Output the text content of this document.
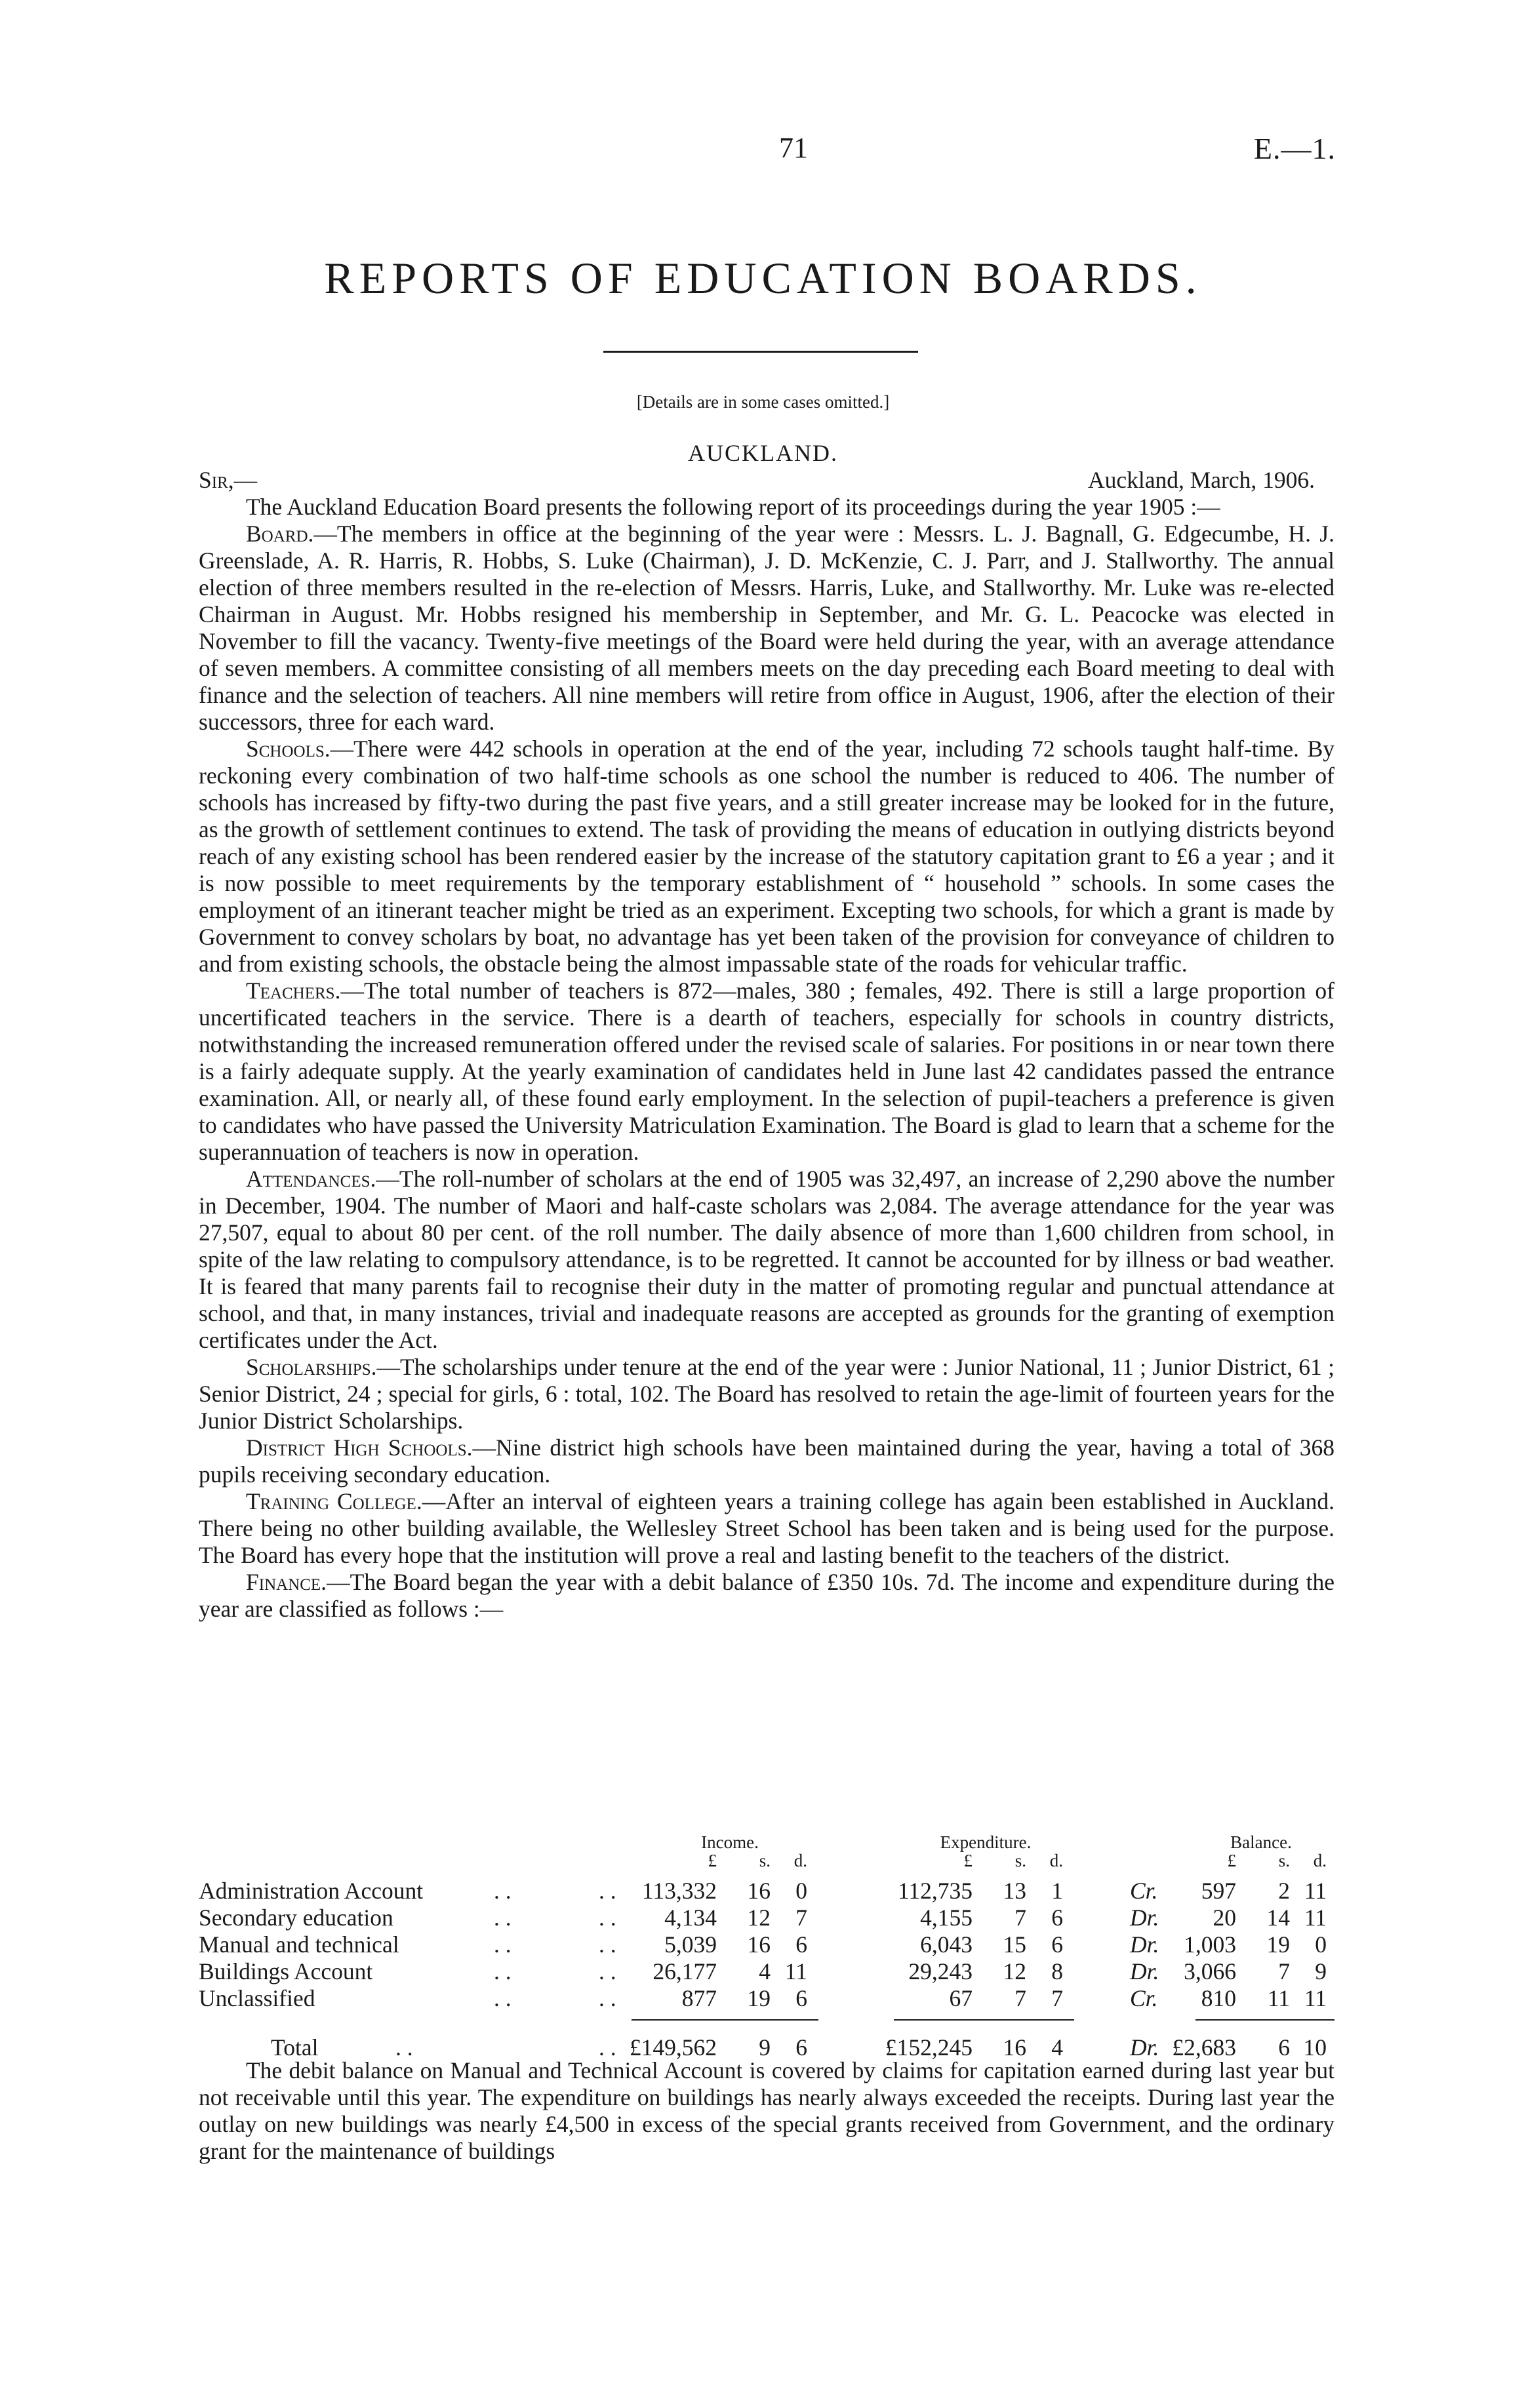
71	E.—1.
REPORTS OF EDUCATION BOARDS.
[Details are in some cases omitted.]
AUCKLAND.

Sir,—	Auckland, March, 1906.

The Auckland Education Board presents the following report of its proceedings during the year 1905 :—

Board.—The members in office at the beginning of the year were : Messrs. L. J. Bagnall, G. Edgecumbe, H. J. Greenslade, A. R. Harris, R. Hobbs, S. Luke (Chairman), J. D. McKenzie, C. J. Parr, and J. Stallworthy. The annual election of three members resulted in the re-election of Messrs. Harris, Luke, and Stallworthy. Mr. Luke was re-elected Chairman in August. Mr. Hobbs resigned his membership in September, and Mr. G. L. Peacocke was elected in November to fill the vacancy. Twenty-five meetings of the Board were held during the year, with an average attendance of seven members. A committee consisting of all members meets on the day preceding each Board meeting to deal with finance and the selection of teachers. All nine members will retire from office in August, 1906, after the election of their successors, three for each ward.

Schools.—There were 442 schools in operation at the end of the year, including 72 schools taught half-time. By reckoning every combination of two half-time schools as one school the number is reduced to 406. The number of schools has increased by fifty-two during the past five years, and a still greater increase may be looked for in the future, as the growth of settlement continues to extend. The task of providing the means of education in outlying districts beyond reach of any existing school has been rendered easier by the increase of the statutory capitation grant to £6 a year ; and it is now possible to meet requirements by the temporary establishment of “ household ” schools. In some cases the employment of an itinerant teacher might be tried as an experiment. Excepting two schools, for which a grant is made by Government to convey scholars by boat, no advantage has yet been taken of the provision for conveyance of children to and from existing schools, the obstacle being the almost impassable state of the roads for vehicular traffic.

Teachers.—The total number of teachers is 872—males, 380 ; females, 492. There is still a large proportion of uncertificated teachers in the service. There is a dearth of teachers, especially for schools in country districts, notwithstanding the increased remuneration offered under the revised scale of salaries. For positions in or near town there is a fairly adequate supply. At the yearly examination of candidates held in June last 42 candidates passed the entrance examination. All, or nearly all, of these found early employment. In the selection of pupil-teachers a preference is given to candidates who have passed the University Matriculation Examination. The Board is glad to learn that a scheme for the superannuation of teachers is now in operation.

Attendances.—The roll-number of scholars at the end of 1905 was 32,497, an increase of 2,290 above the number in December, 1904. The number of Maori and half-caste scholars was 2,084. The average attendance for the year was 27,507, equal to about 80 per cent. of the roll number. The daily absence of more than 1,600 children from school, in spite of the law relating to compulsory attendance, is to be regretted. It cannot be accounted for by illness or bad weather. It is feared that many parents fail to recognise their duty in the matter of promoting regular and punctual attendance at school, and that, in many instances, trivial and inadequate reasons are accepted as grounds for the granting of exemption certificates under the Act.

Scholarships.—The scholarships under tenure at the end of the year were : Junior National, 11 ; Junior District, 61 ; Senior District, 24 ; special for girls, 6 : total, 102. The Board has resolved to retain the age-limit of fourteen years for the Junior District Scholarships.

District High Schools.—Nine district high schools have been maintained during the year, having a total of 368 pupils receiving secondary education.

Training College.—After an interval of eighteen years a training college has again been established in Auckland. There being no other building available, the Wellesley Street School has been taken and is being used for the purpose. The Board has every hope that the institution will prove a real and lasting benefit to the teachers of the district.

Finance.—The Board began the year with a debit balance of £350 10s. 7d. The income and expenditure during the year are classified as follows :—

Income.	Expenditure.	Balance.
£ s. d.	£ s. d.	£ s. d.
Administration Account	. .	. . 113,332 16 0	112,735 13 1	Cr. 597 2 11
Secondary education	. .	. . 4,134 12 7	4,155 7 6	Dr. 20 14 11
Manual and technical	. .	. . 5,039 16 6	6,043 15 6	Dr. 1,003 19 0
Buildings Account	. .	. . 26,177 4 11	29,243 12 8	Dr. 3,066 7 9
Unclassified	. .	. .	877 19 6	67 7 7	Cr. 810 11 11
Total	. .	. . £149,562 9 6	£152,245 16 4	Dr. £2,683 6 10

The debit balance on Manual and Technical Account is covered by claims for capitation earned during last year but not receivable until this year. The expenditure on buildings has nearly always exceeded the receipts. During last year the outlay on new buildings was nearly £4,500 in excess of the special grants received from Government, and the ordinary grant for the maintenance of buildings
